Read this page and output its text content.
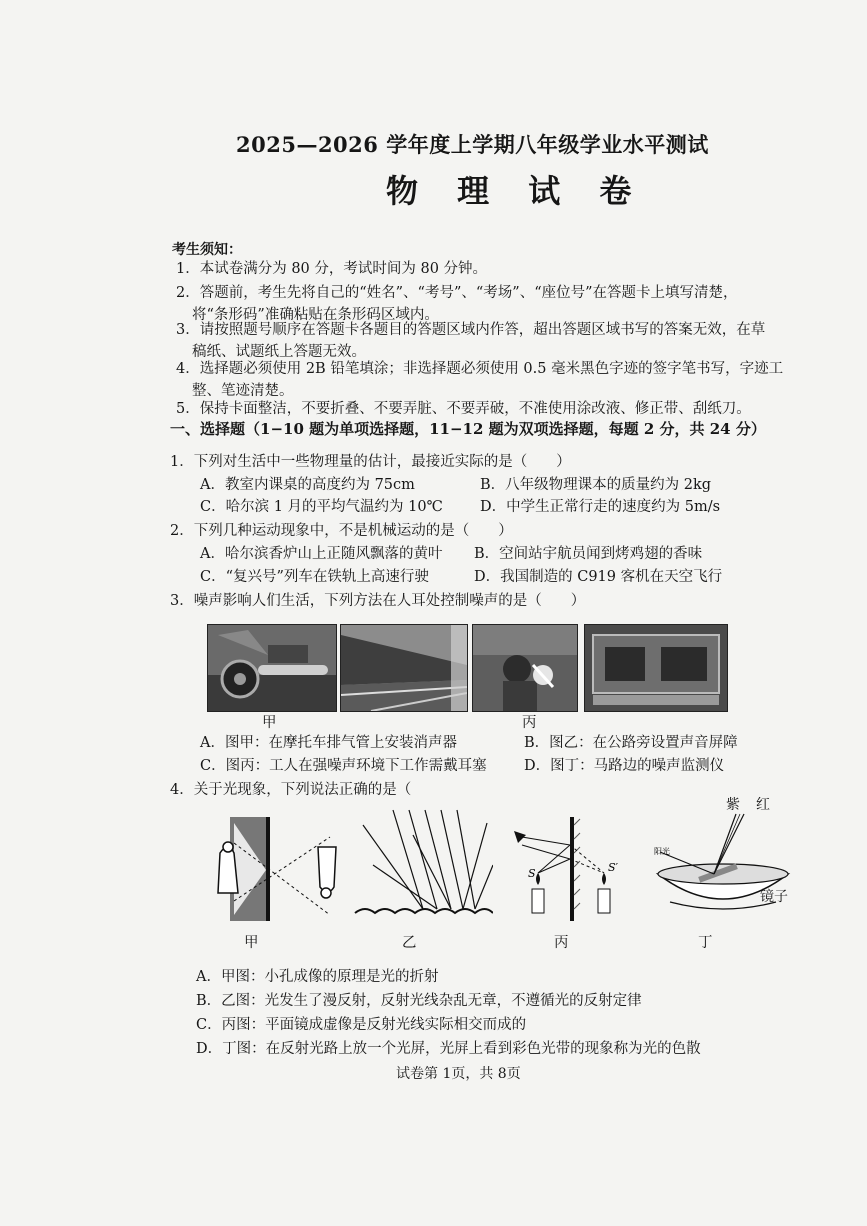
2025—2026 学年度上学期八年级学业水平测试
物 理 试 卷
考生须知：
1．本试卷满分为 80 分，考试时间为 80 分钟。
2．答题前，考生先将自己的“姓名”、“考号”、“考场”、“座位号”在答题卡上填写清楚，
将“条形码”准确粘贴在条形码区域内。
3．请按照题号顺序在答题卡各题目的答题区域内作答，超出答题区域书写的答案无效，在草
稿纸、试题纸上答题无效。
4．选择题必须使用 2B 铅笔填涂；非选择题必须使用 0.5 毫米黑色字迹的签字笔书写，字迹工
整、笔迹清楚。
5．保持卡面整洁，不要折叠、不要弄脏、不要弄破，不准使用涂改液、修正带、刮纸刀。
一、选择题（1−10 题为单项选择题，11−12 题为双项选择题，每题 2 分，共 24 分）
1．下列对生活中一些物理量的估计，最接近实际的是（　　）
A．教室内课桌的高度约为 75cm	B．八年级物理课本的质量约为 2kg
C．哈尔滨 1 月的平均气温约为 10℃	D．中学生正常行走的速度约为 5m/s
2．下列几种运动现象中，不是机械运动的是（　　）
A．哈尔滨香炉山上正随风飘落的黄叶 B．空间站宇航员闻到烤鸡翅的香味
C．“复兴号”列车在铁轨上高速行驶	D．我国制造的 C919 客机在天空飞行
3．噪声影响人们生活，下列方法在人耳处控制噪声的是（　　）
甲	丙
A．图甲：在摩托车排气管上安装消声器	B．图乙：在公路旁设置声音屏障
C．图丙：工人在强噪声环境下工作需戴耳塞	D．图丁：马路边的噪声监测仪
4．关于光现象，下列说法正确的是（
S	S′
阳光
紫 红
镜子
甲	乙	丙	丁
A．甲图：小孔成像的原理是光的折射
B．乙图：光发生了漫反射，反射光线杂乱无章，不遵循光的反射定律
C．丙图：平面镜成虚像是反射光线实际相交而成的
D．丁图：在反射光路上放一个光屏，光屏上看到彩色光带的现象称为光的色散
试卷第 1页，共 8页
